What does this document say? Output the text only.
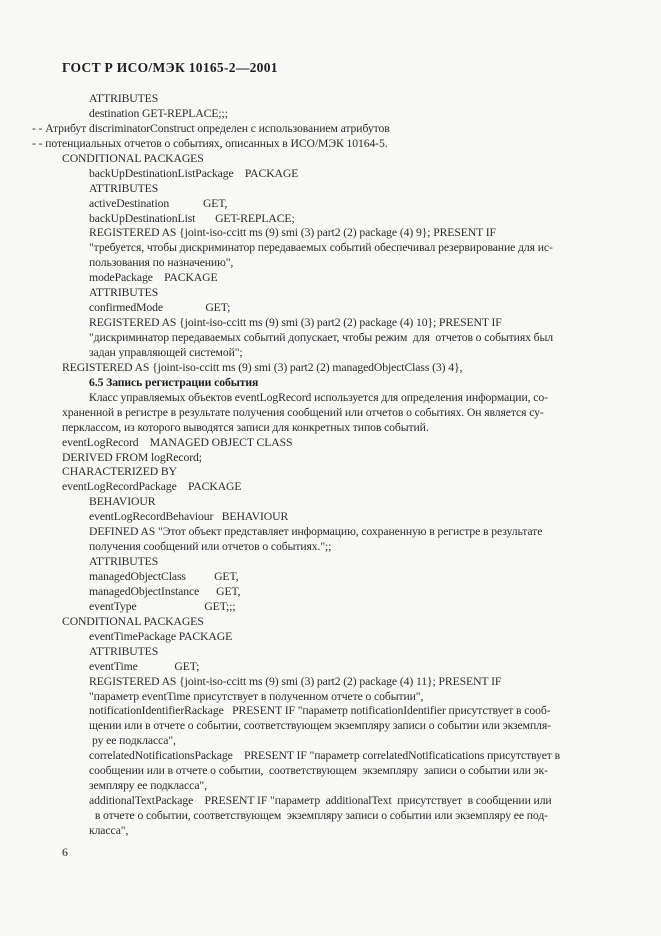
ГОСТ Р ИСО/МЭК 10165-2—2001
ATTRIBUTES
destination GET-REPLACE;;;
- - Атрибут discriminatorConstruct определен с использованием атрибутов
- - потенциальных отчетов о событиях, описанных в ИСО/МЭК 10164-5.
CONDITIONAL PACKAGES
backUpDestinationListPackage    PACKAGE
ATTRIBUTES
activeDestination            GET,
backUpDestinationList       GET-REPLACE;
REGISTERED AS {joint-iso-ccitt ms (9) smi (3) part2 (2) package (4) 9}; PRESENT IF
"требуется, чтобы дискриминатор передаваемых событий обеспечивал резервирование для ис-
пользования по назначению",
modePackage    PACKAGE
ATTRIBUTES
confirmedMode               GET;
REGISTERED AS {joint-iso-ccitt ms (9) smi (3) part2 (2) package (4) 10}; PRESENT IF
"дискриминатор передаваемых событий допускает, чтобы режим  для  отчетов о событиях был
задан управляющей системой";
REGISTERED AS {joint-iso-ccitt ms (9) smi (3) part2 (2) managedObjectClass (3) 4},
6.5 Запись регистрации события
Класс управляемых объектов eventLogRecord используется для определения информации, со-
храненной в регистре в результате получения сообщений или отчетов о событиях. Он является су-
перклассом, из которого выводятся записи для конкретных типов событий.
eventLogRecord    MANAGED OBJECT CLASS
DERIVED FROM logRecord;
CHARACTERIZED BY
eventLogRecordPackage    PACKAGE
BEHAVIOUR
eventLogRecordBehaviour   BEHAVIOUR
DEFINED AS "Этот объект представляет информацию, сохраненную в регистре в результате
получения сообщений или отчетов о событиях.";;
ATTRIBUTES
managedObjectClass          GET,
managedObjectInstance      GET,
eventType                        GET;;;
CONDITIONAL PACKAGES
eventTimePackage PACKAGE
ATTRIBUTES
eventTime             GET;
REGISTERED AS {joint-iso-ccitt ms (9) smi (3) part2 (2) package (4) 11}; PRESENT IF
"параметр eventTime присутствует в полученном отчете о событии",
notificationIdentifierRackage   PRESENT IF "параметр notificationIdentifier присутствует в сооб-
щении или в отчете о событии, соответствующем экземпляру записи о событии или экземпля-
ру ее подкласса",
correlatedNotificationsPackage    PRESENT IF "параметр correlatedNotificatications присутствует в
сообщении или в отчете о событии,  соответствующем  экземпляру  записи о событии или эк-
земпляру ее подкласса",
additionalTextPackage    PRESENT IF "параметр  additionalText  присутствует  в сообщении или
в отчете о событии, соответствующем  экземпляру записи о событии или экземпляру ее под-
класса",
6
